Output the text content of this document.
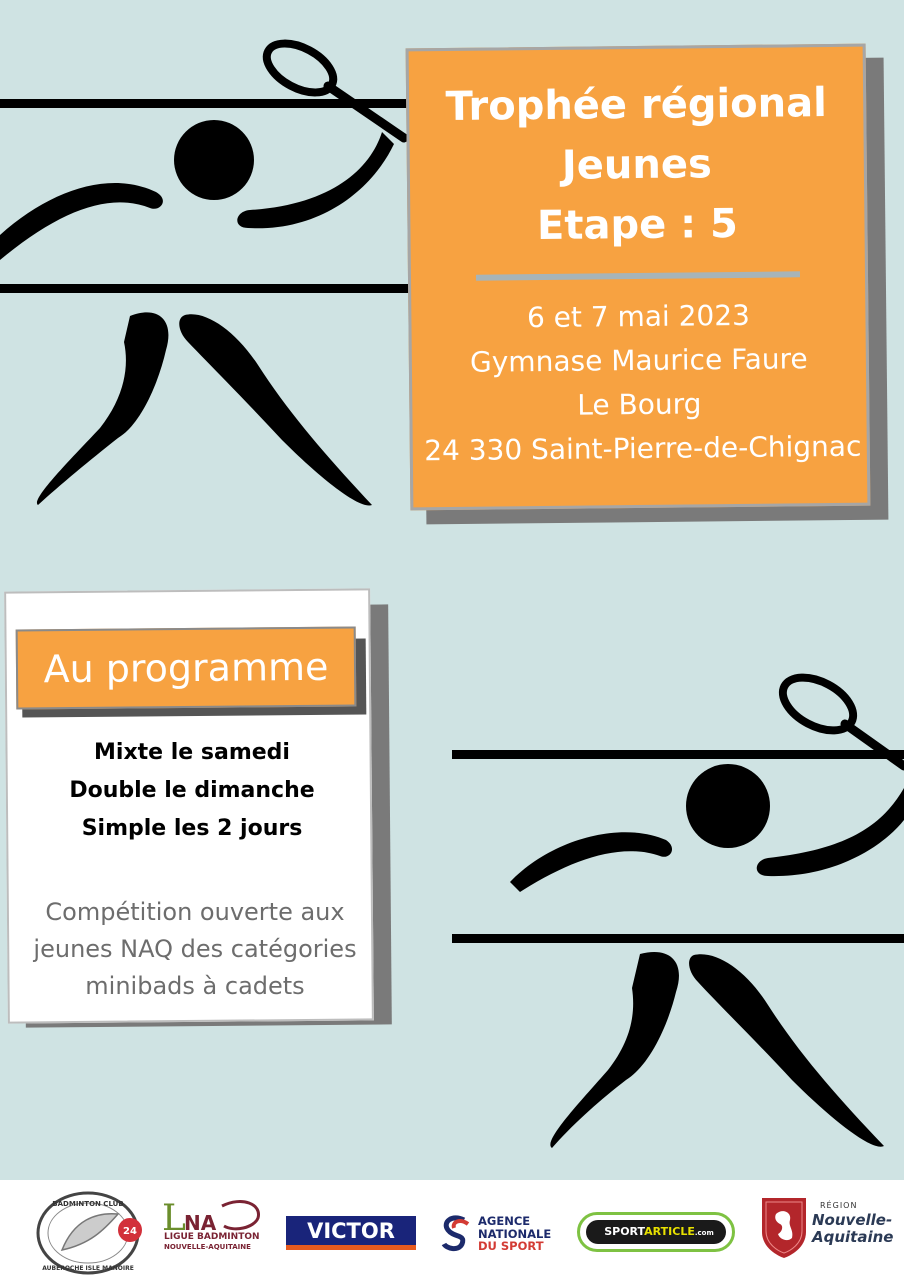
Trophée régional
Jeunes
Etape : 5
6 et 7 mai 2023
Gymnase Maurice Faure
Le Bourg
24 330 Saint-Pierre-de-Chignac
Au programme
Mixte le samedi
Double le dimanche
Simple les 2 jours
Compétition ouverte aux
jeunes NAQ des catégories
minibads à cadets
24
BADMINTON CLUB
AUBEROCHE ISLE MANOIRE
L
NA
LIGUE BADMINTON
NOUVELLE-AQUITAINE
VICTOR	AGENCE
NATIONALE
DU SPORT
SPORTARTICLE.com
RÉGION
Nouvelle-
Aquitaine
